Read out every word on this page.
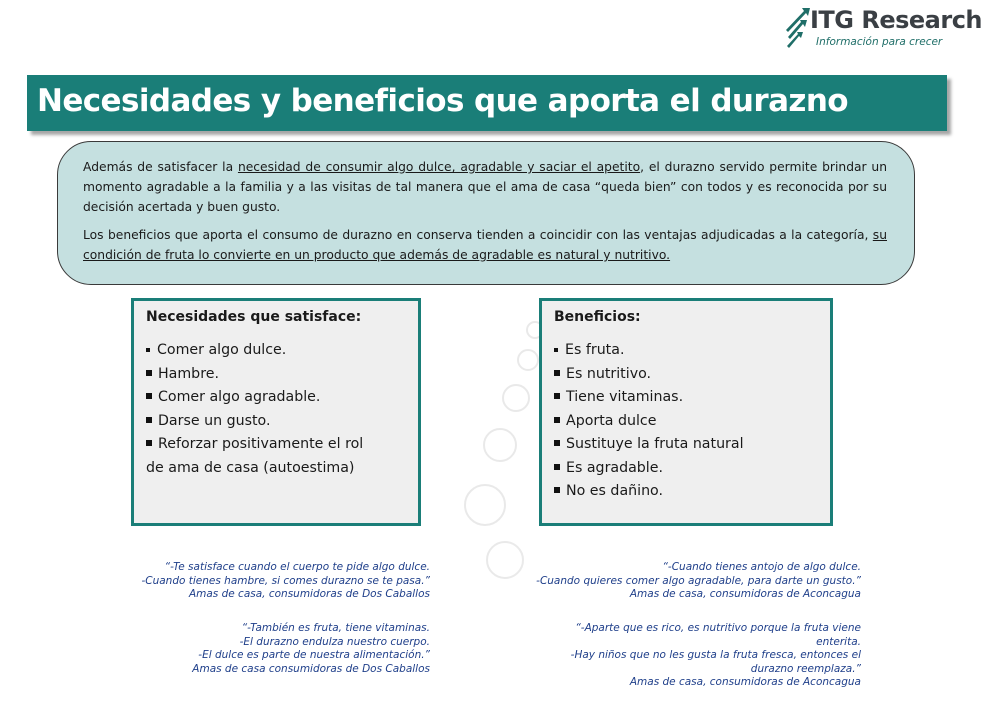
ITG Research
Información para crecer
Necesidades y beneficios que aporta el durazno

Además de satisfacer la necesidad de consumir algo dulce, agradable y saciar el apetito, el durazno servido permite brindar un momento agradable a la familia y a las visitas de tal manera que el ama de casa “queda bien” con todos y es reconocida por su decisión acertada y buen gusto.

Los beneficios que aporta el consumo de durazno en conserva tienden a coincidir con las ventajas adjudicadas a la categoría, su condición de fruta lo convierte en un producto que además de agradable es natural y nutritivo.

Necesidades que satisface:
Comer algo dulce.
Hambre.
Comer algo agradable.
Darse un gusto.
Reforzar positivamente el rol
de ama de casa (autoestima)
Beneficios:
Es fruta.
Es nutritivo.
Tiene vitaminas.
Aporta dulce
Sustituye la fruta natural
Es agradable.
No es dañino.
“-Te satisface cuando el cuerpo te pide algo dulce.
-Cuando tienes hambre, si comes durazno se te pasa.”
Amas de casa, consumidoras de Dos Caballos
“-También es fruta, tiene vitaminas.
-El durazno endulza nuestro cuerpo.
-El dulce es parte de nuestra alimentación.”
Amas de casa consumidoras de Dos Caballos
“-Cuando tienes antojo de algo dulce.
-Cuando quieres comer algo agradable, para darte un gusto.”
Amas de casa, consumidoras de Aconcagua
“-Aparte que es rico, es nutritivo porque la fruta viene
enterita.
-Hay niños que no les gusta la fruta fresca, entonces el
durazno reemplaza.”
Amas de casa, consumidoras de Aconcagua
